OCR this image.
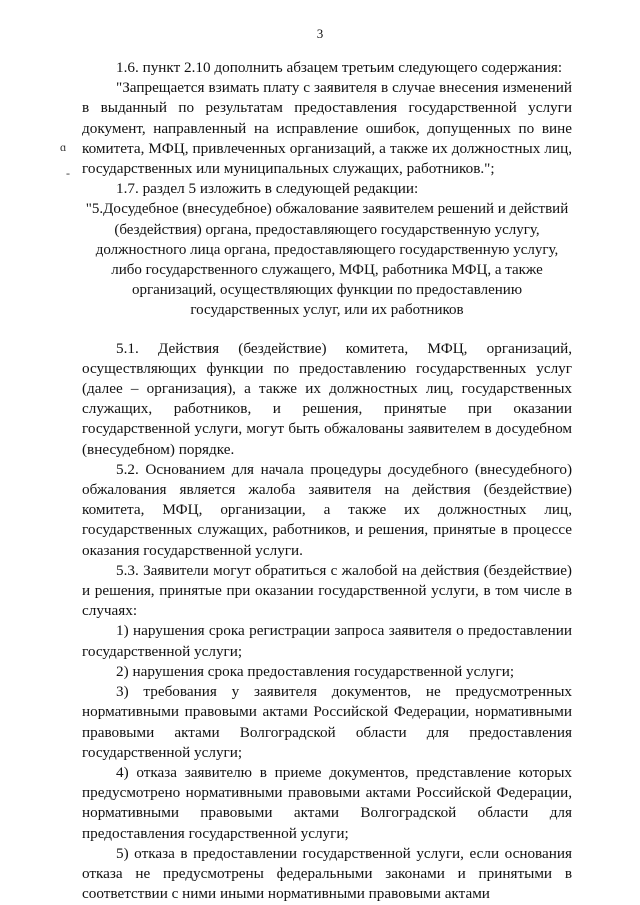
3
ɑ
-

1.6. пункт 2.10 дополнить абзацем третьим следующего содержания:

"Запрещается взимать плату с заявителя в случае внесения изменений в выданный по результатам предоставления государственной услуги документ, направленный на исправление ошибок, допущенных по вине комитета, МФЦ, привлеченных организаций, а также их должностных лиц, государственных или муниципальных служащих, работников.";

1.7. раздел 5 изложить в следующей редакции:

"5.Досудебное (внесудебное) обжалование заявителем решений и действий (бездействия) органа, предоставляющего государственную услугу, должностного лица органа, предоставляющего государственную услугу, либо государственного служащего, МФЦ, работника МФЦ, а также организаций, осуществляющих функции по предоставлению государственных услуг, или их работников

5.1. Действия (бездействие) комитета, МФЦ, организаций, осуществляющих функции по предоставлению государственных услуг (далее – организация), а также их должностных лиц, государственных служащих, работников, и решения, принятые при оказании государственной услуги, могут быть обжалованы заявителем в досудебном (внесудебном) порядке.

5.2. Основанием для начала процедуры досудебного (внесудебного) обжалования является жалоба заявителя на действия (бездействие) комитета, МФЦ, организации, а также их должностных лиц, государственных служащих, работников, и решения, принятые в процессе оказания государственной услуги.

5.3. Заявители могут обратиться с жалобой на действия (бездействие) и решения, принятые при оказании государственной услуги, в том числе в случаях:

1) нарушения срока регистрации запроса заявителя о предоставлении государственной услуги;

2) нарушения срока предоставления государственной услуги;

3) требования у заявителя документов, не предусмотренных нормативными правовыми актами Российской Федерации, нормативными правовыми актами Волгоградской области для предоставления государственной услуги;

4) отказа заявителю в приеме документов, представление которых предусмотрено нормативными правовыми актами Российской Федерации, нормативными правовыми актами Волгоградской области для предоставления государственной услуги;

5) отказа в предоставлении государственной услуги, если основания отказа не предусмотрены федеральными законами и принятыми в соответствии с ними иными нормативными правовыми актами
